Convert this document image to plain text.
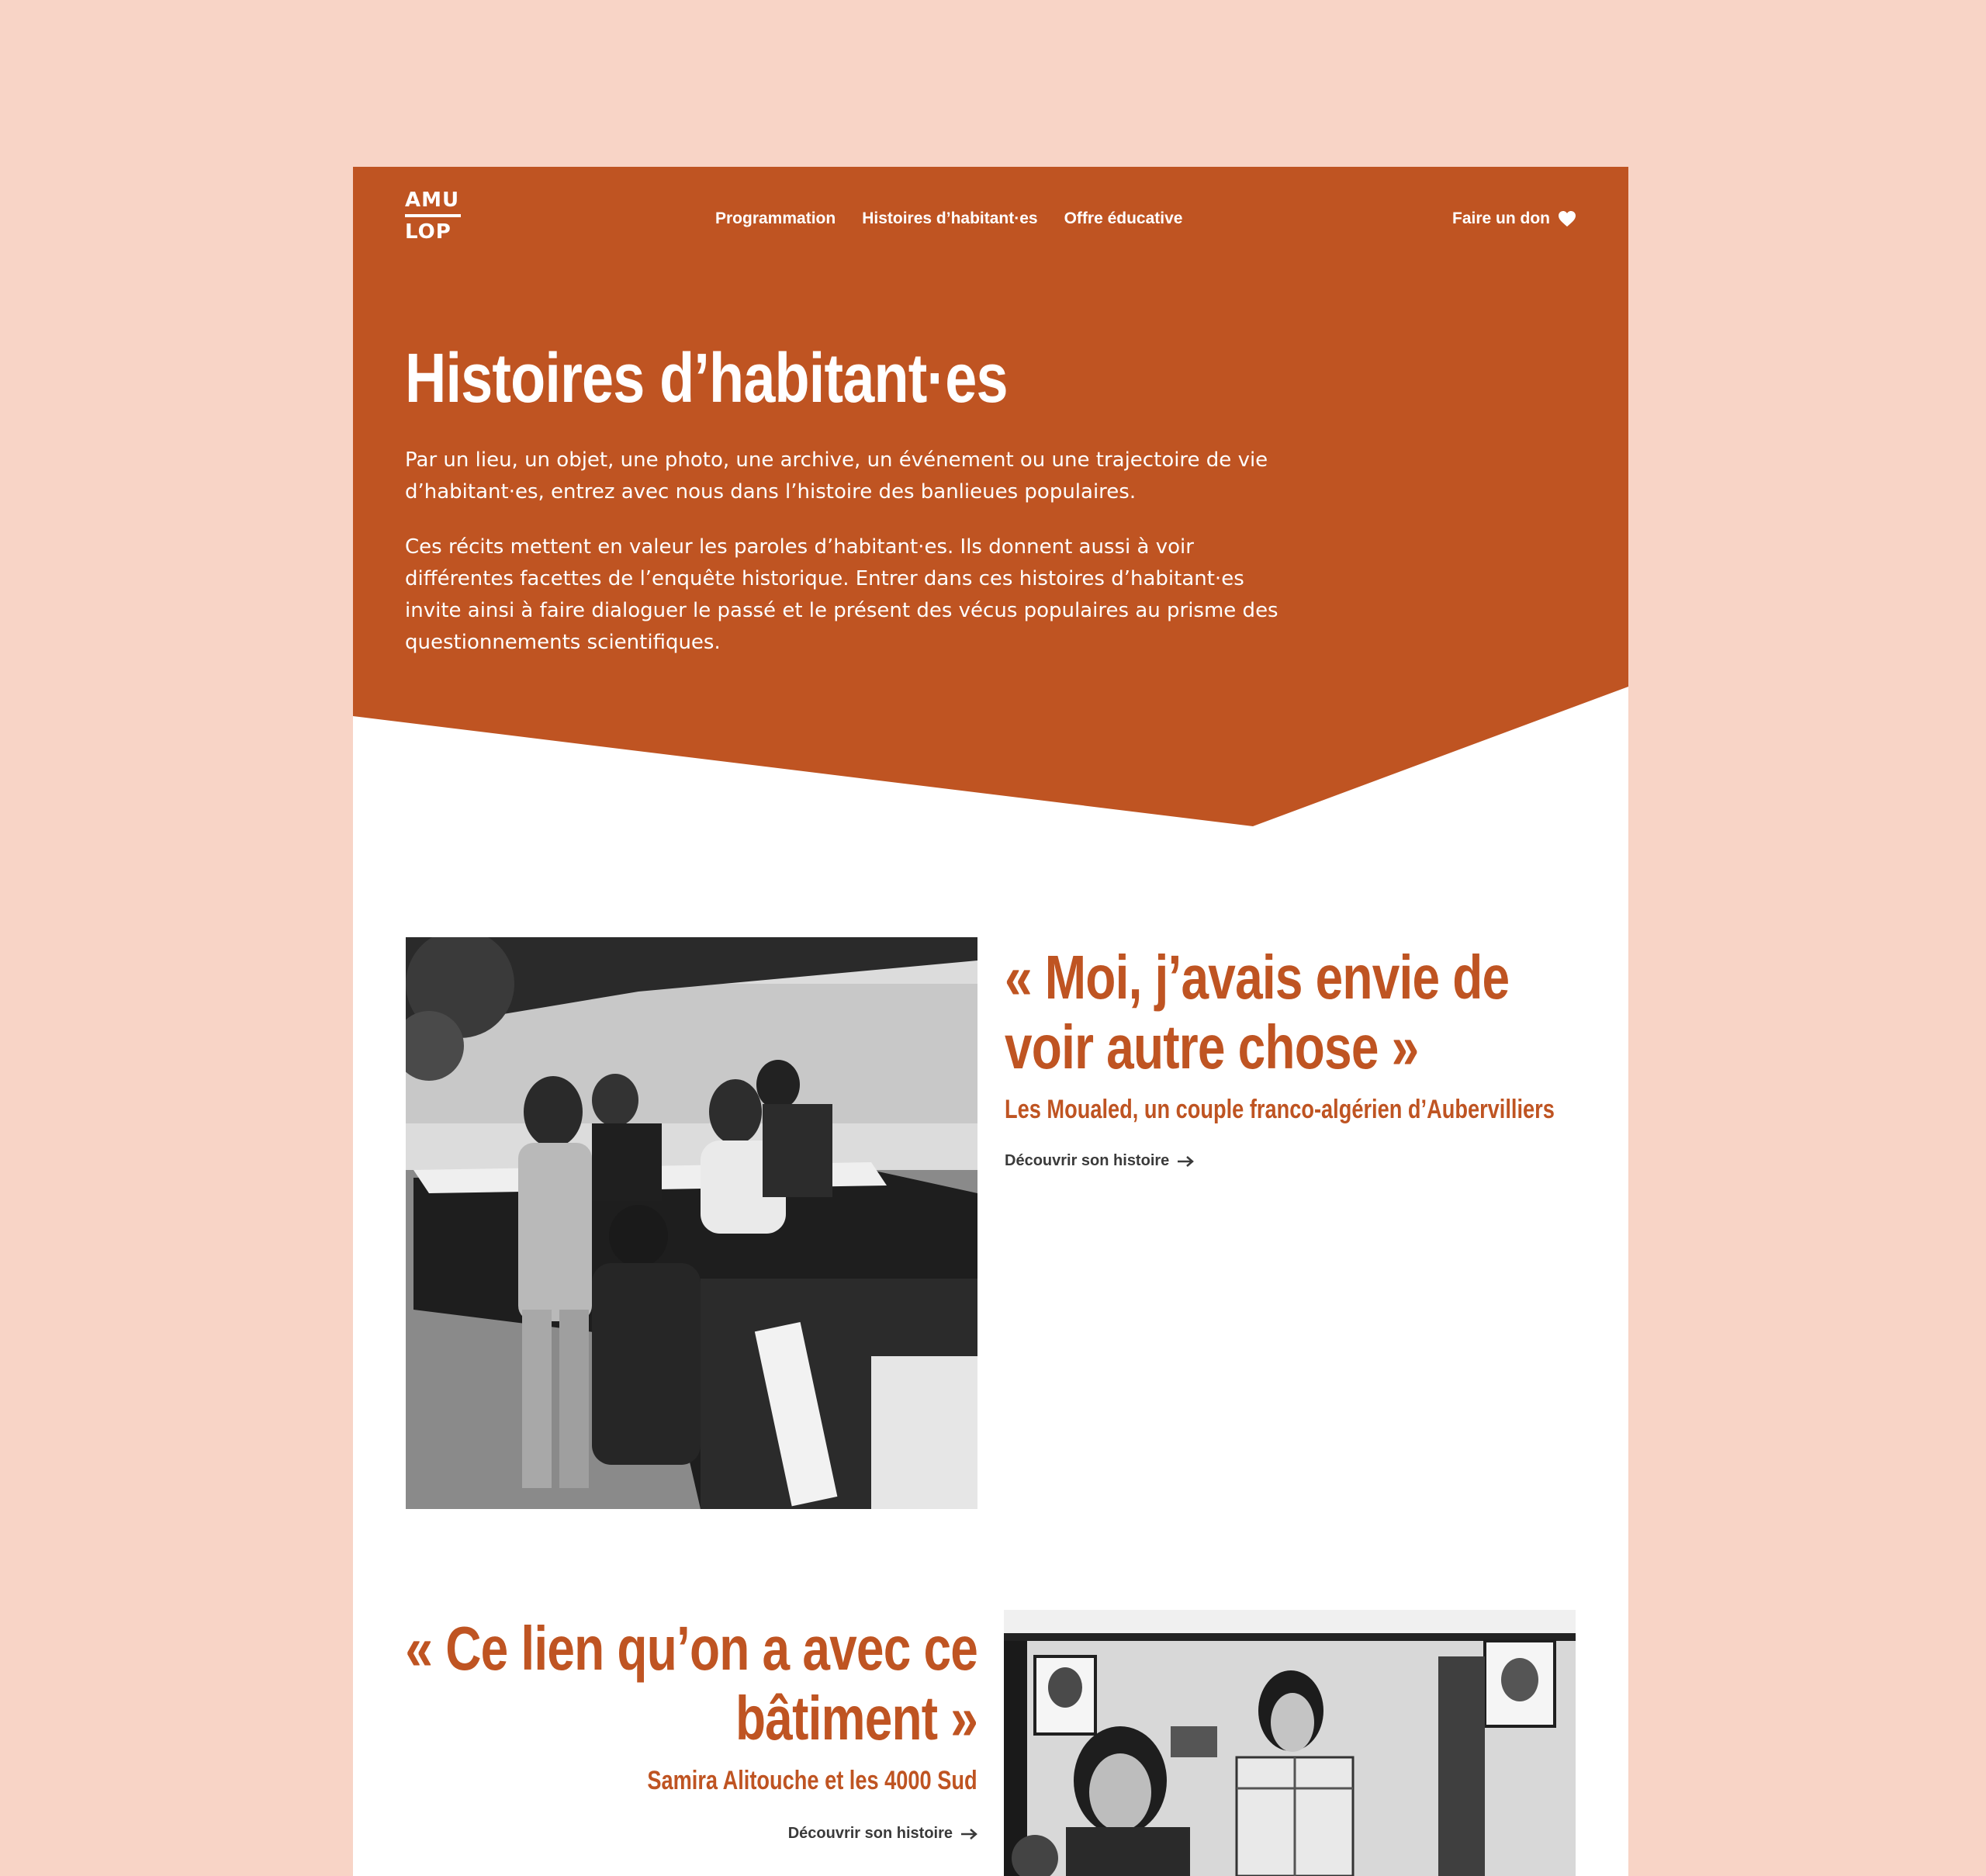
AMU
LOP
Programmation Histoires d’habitant·es Offre éducative	Faire un don
Histoires d’habitant·es

Par un lieu, un objet, une photo, une archive, un événement ou une trajectoire de vie d’habitant·es, entrez avec nous dans l’histoire des banlieues populaires.

Ces récits mettent en valeur les paroles d’habitant·es. Ils donnent aussi à voir différentes facettes de l’enquête historique. Entrer dans ces histoires d’habitant·es invite ainsi à faire dialoguer le passé et le présent des vécus populaires au prisme des questionnements scientifiques.

« Moi, j’avais envie de
voir autre chose »

Les Moualed, un couple franco-algérien d’Aubervilliers

Découvrir son histoire
« Ce lien qu’on a avec ce
bâtiment »

Samira Alitouche et les 4000 Sud

Découvrir son histoire
